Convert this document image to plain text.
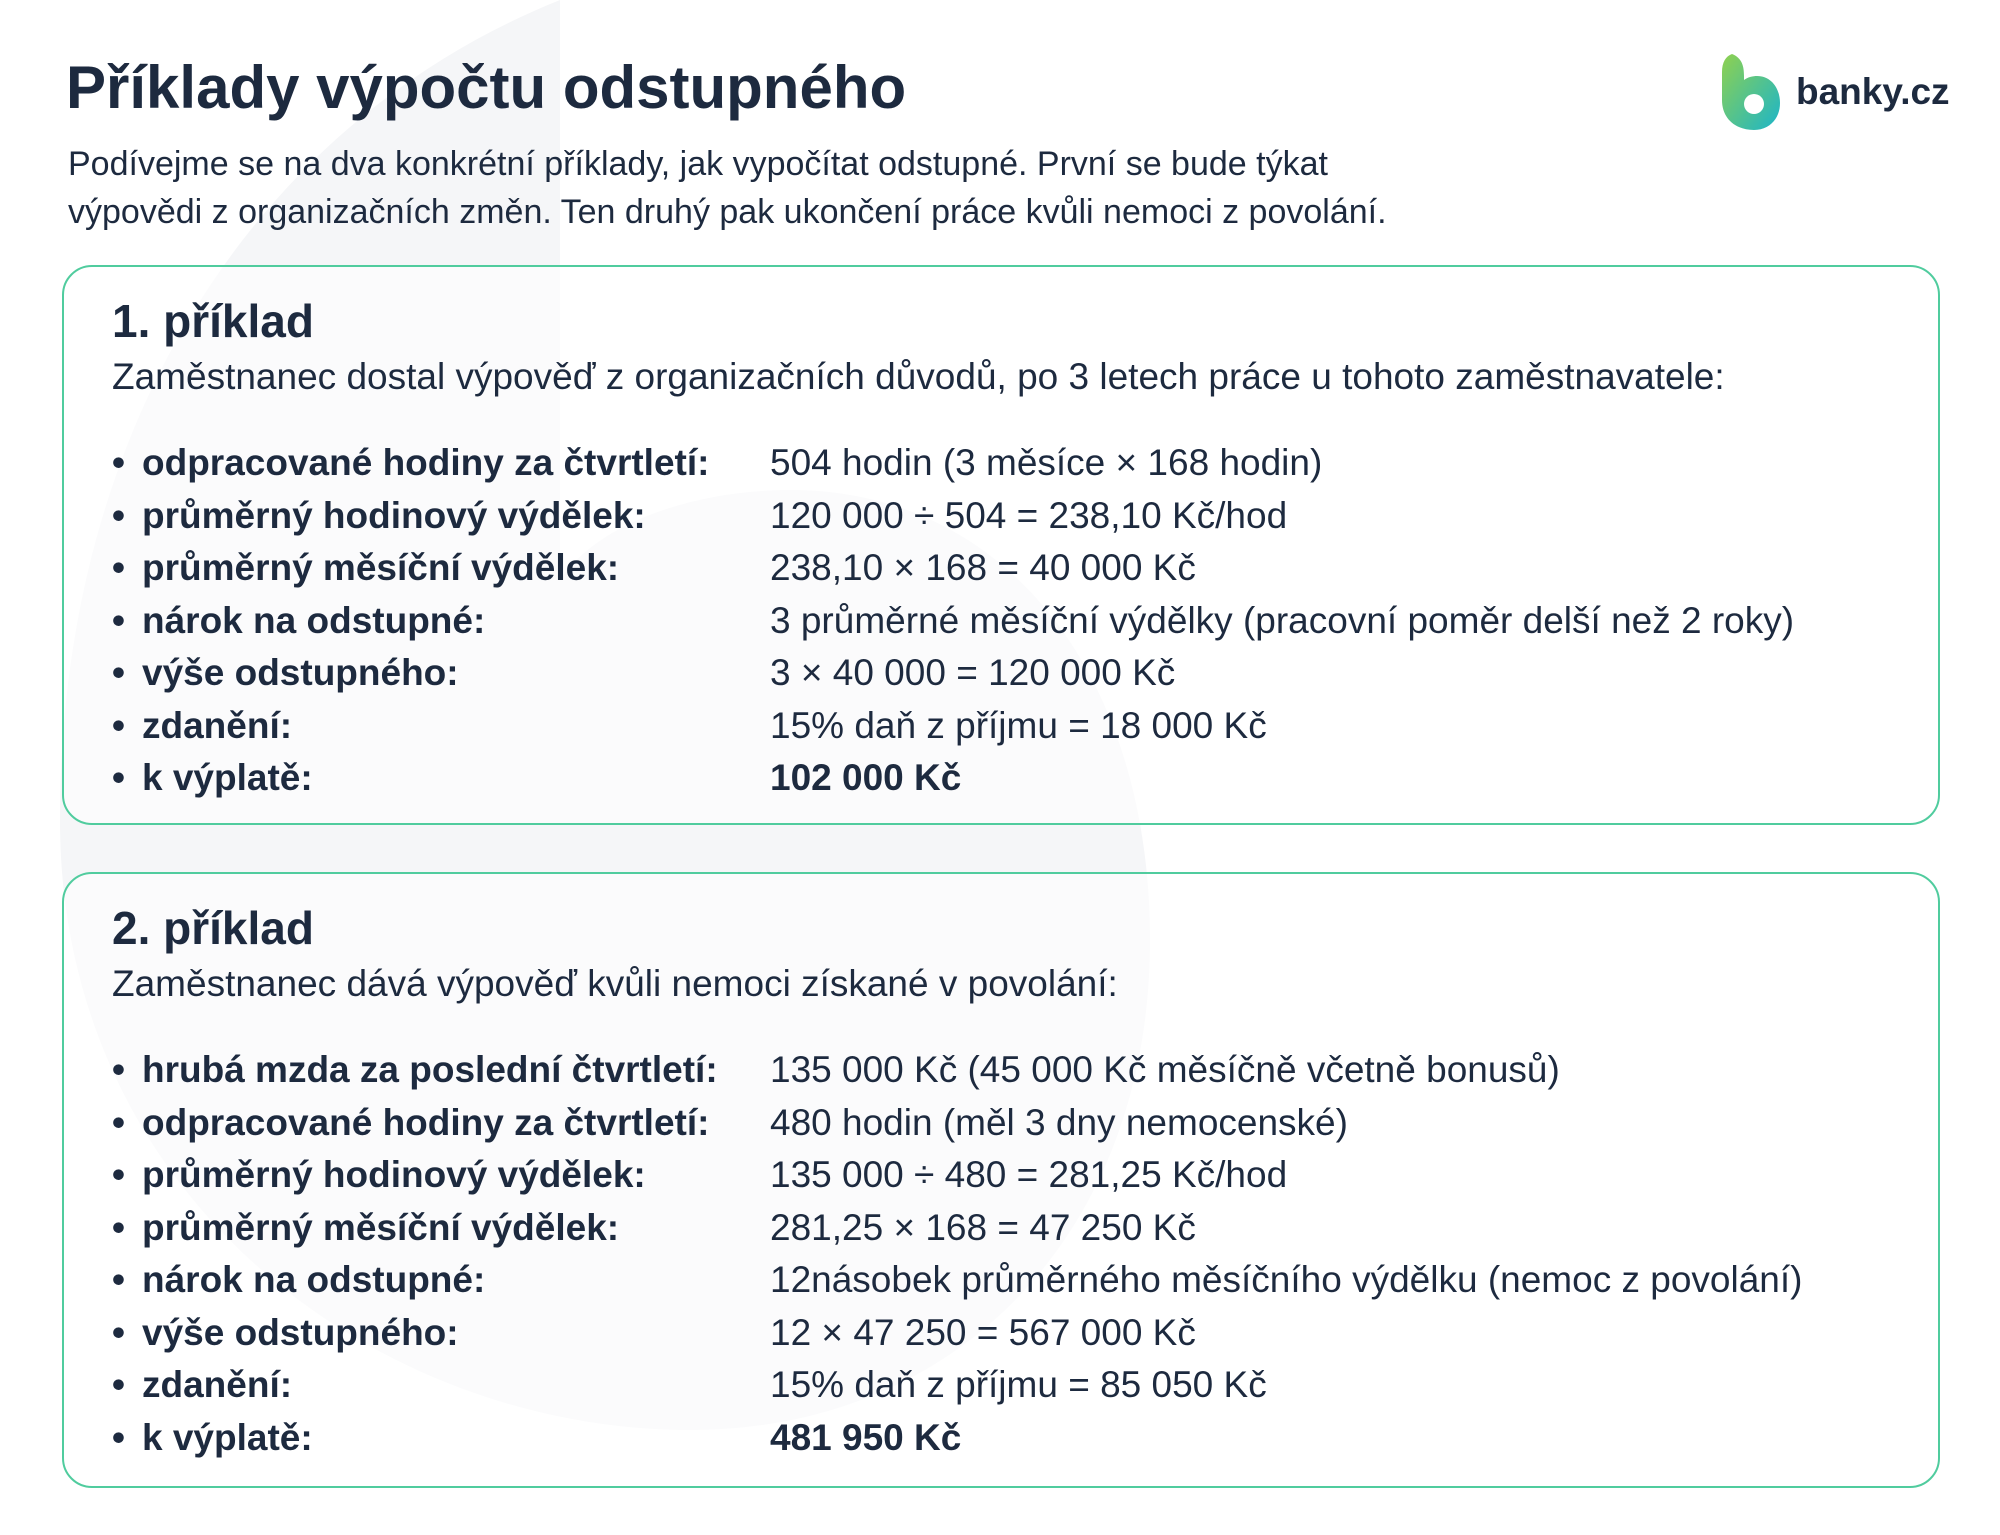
Příklady výpočtu odstupného

Podívejme se na dva konkrétní příklady, jak vypočítat odstupné. První se bude týkat
výpovědi z organizačních změn. Ten druhý pak ukončení práce kvůli nemoci z povolání.

banky.cz
1. příklad

Zaměstnanec dostal výpověď z organizačních důvodů, po 3 letech práce u tohoto zaměstnavatele:

• odpracované hodiny za čtvrtletí:	504 hodin (3 měsíce × 168 hodin)
• průměrný hodinový výdělek:	120 000 ÷ 504 = 238,10 Kč/hod
• průměrný měsíční výdělek:	238,10 × 168 = 40 000 Kč
• nárok na odstupné:	3 průměrné měsíční výdělky (pracovní poměr delší než 2 roky)
• výše odstupného:	3 × 40 000 = 120 000 Kč
• zdanění:	15% daň z příjmu = 18 000 Kč
• k výplatě:	102 000 Kč
2. příklad

Zaměstnanec dává výpověď kvůli nemoci získané v povolání:

• hrubá mzda za poslední čtvrtletí:	135 000 Kč (45 000 Kč měsíčně včetně bonusů)
• odpracované hodiny za čtvrtletí:	480 hodin (měl 3 dny nemocenské)
• průměrný hodinový výdělek:	135 000 ÷ 480 = 281,25 Kč/hod
• průměrný měsíční výdělek:	281,25 × 168 = 47 250 Kč
• nárok na odstupné:	12násobek průměrného měsíčního výdělku (nemoc z povolání)
• výše odstupného:	12 × 47 250 = 567 000 Kč
• zdanění:	15% daň z příjmu = 85 050 Kč
• k výplatě:	481 950 Kč
